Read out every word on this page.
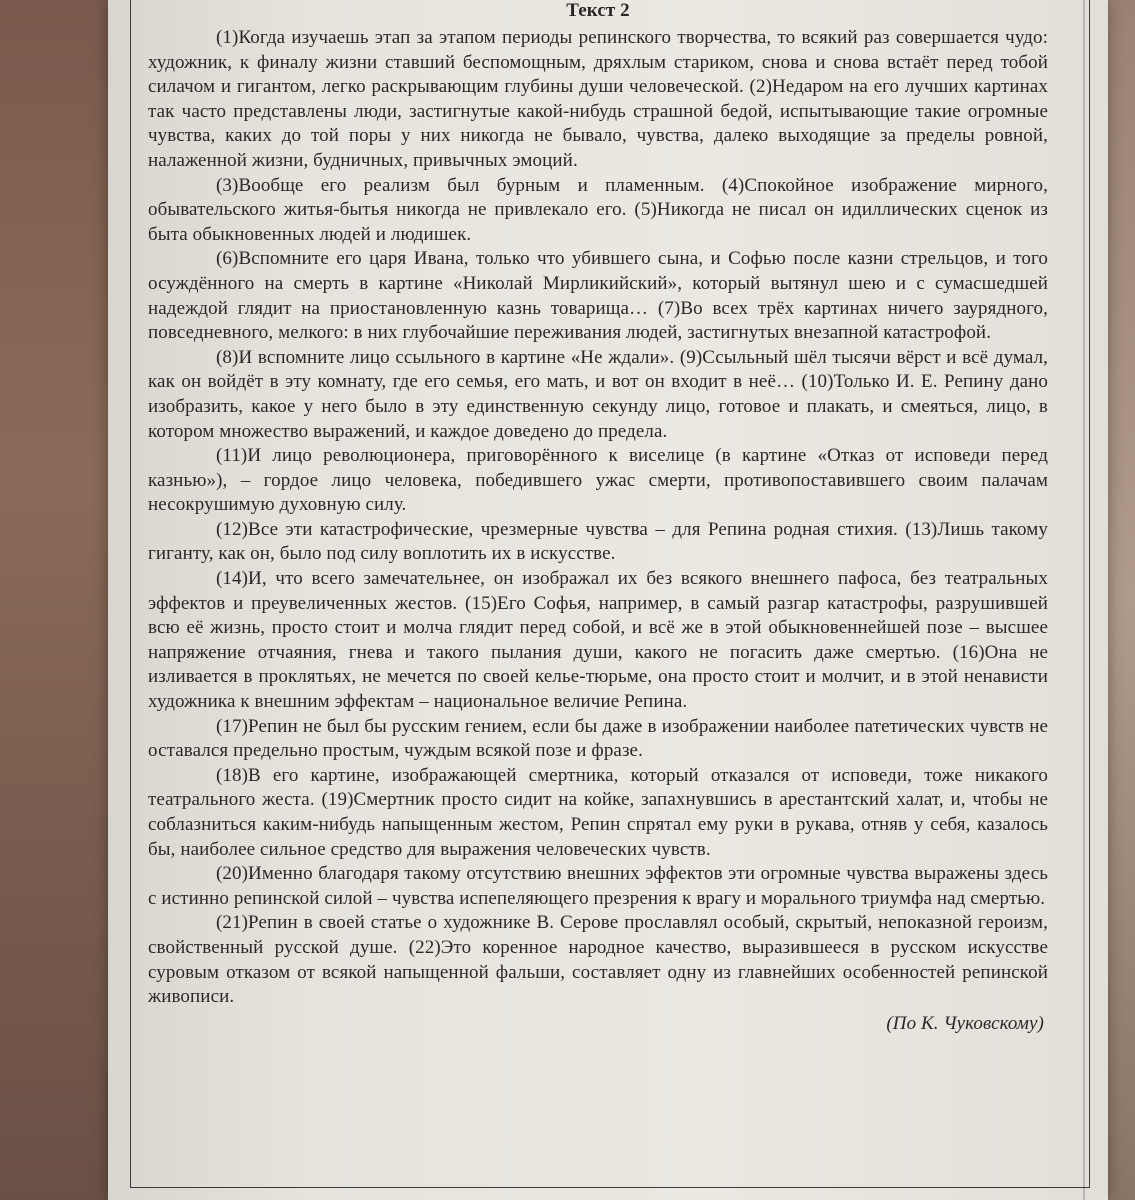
Текст 2

(1)Когда изучаешь этап за этапом периоды репинского творчества, то всякий раз совершается чудо: художник, к финалу жизни ставший беспомощным, дряхлым стариком, снова и снова встаёт перед тобой силачом и гигантом, легко раскрывающим глубины души человеческой. (2)Недаром на его лучших картинах так часто представлены люди, застигнутые какой-нибудь страшной бедой, испытывающие такие огромные чувства, каких до той поры у них никогда не бывало, чувства, далеко выходящие за пределы ровной, налаженной жизни, будничных, привычных эмоций.

(3)Вообще его реализм был бурным и пламенным. (4)Спокойное изображение мирного, обывательского житья-бытья никогда не привлекало его. (5)Никогда не писал он идиллических сценок из быта обыкновенных людей и людишек.

(6)Вспомните его царя Ивана, только что убившего сына, и Софью после казни стрельцов, и того осуждённого на смерть в картине «Николай Мирликийский», который вытянул шею и с сумасшедшей надеждой глядит на приостановленную казнь товарища… (7)Во всех трёх картинах ничего заурядного, повседневного, мелкого: в них глубочайшие переживания людей, застигнутых внезапной катастрофой.

(8)И вспомните лицо ссыльного в картине «Не ждали». (9)Ссыльный шёл тысячи вёрст и всё думал, как он войдёт в эту комнату, где его семья, его мать, и вот он входит в неё… (10)Только И. Е. Репину дано изобразить, какое у него было в эту единственную секунду лицо, готовое и плакать, и смеяться, лицо, в котором множество выражений, и каждое доведено до предела.

(11)И лицо революционера, приговорённого к виселице (в картине «Отказ от исповеди перед казнью»), – гордое лицо человека, победившего ужас смерти, противопоставившего своим палачам несокрушимую духовную силу.

(12)Все эти катастрофические, чрезмерные чувства – для Репина родная стихия. (13)Лишь такому гиганту, как он, было под силу воплотить их в искусстве.

(14)И, что всего замечательнее, он изображал их без всякого внешнего пафоса, без театральных эффектов и преувеличенных жестов. (15)Его Софья, например, в самый разгар катастрофы, разрушившей всю её жизнь, просто стоит и молча глядит перед собой, и всё же в этой обыкновеннейшей позе – высшее напряжение отчаяния, гнева и такого пылания души, какого не погасить даже смертью. (16)Она не изливается в проклятьях, не мечется по своей келье-тюрьме, она просто стоит и молчит, и в этой ненависти художника к внешним эффектам – национальное величие Репина.

(17)Репин не был бы русским гением, если бы даже в изображении наиболее патетических чувств не оставался предельно простым, чуждым всякой позе и фразе.

(18)В его картине, изображающей смертника, который отказался от исповеди, тоже никакого театрального жеста. (19)Смертник просто сидит на койке, запахнувшись в арестантский халат, и, чтобы не соблазниться каким-нибудь напыщенным жестом, Репин спрятал ему руки в рукава, отняв у себя, казалось бы, наиболее сильное средство для выражения человеческих чувств.

(20)Именно благодаря такому отсутствию внешних эффектов эти огромные чувства выражены здесь с истинно репинской силой – чувства испепеляющего презрения к врагу и морального триумфа над смертью.

(21)Репин в своей статье о художнике В. Серове прославлял особый, скрытый, непоказной героизм, свойственный русской душе. (22)Это коренное народное качество, выразившееся в русском искусстве суровым отказом от всякой напыщенной фальши, составляет одну из главнейших особенностей репинской живописи.

(По К. Чуковскому)
